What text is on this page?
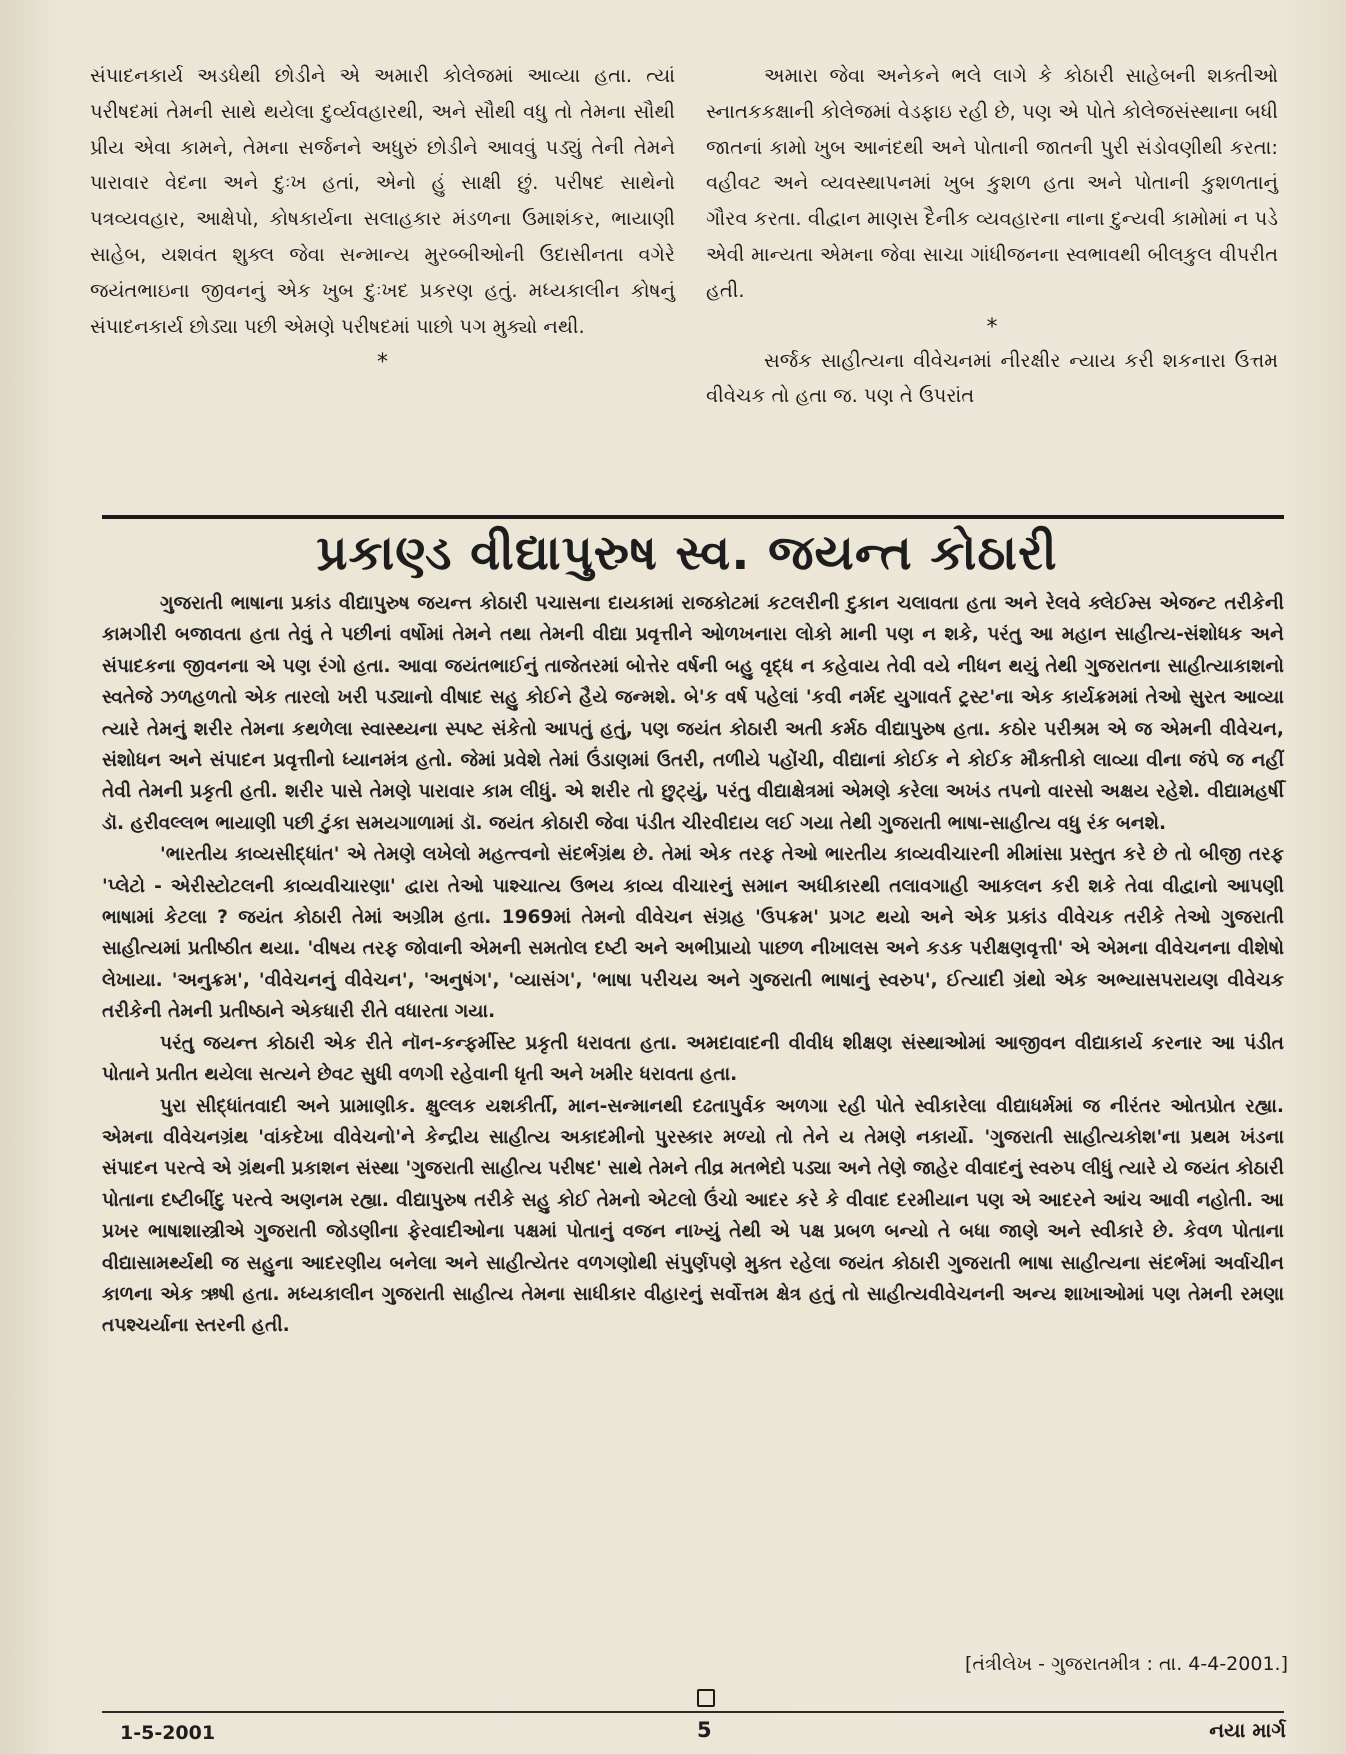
સંપાદનકાર્ય અડધેથી છોડીને એ અમારી કોલેજમાં આવ્યા હતા. ત્યાં પરીષદમાં તેમની સાથે થયેલા દુર્વ્યવહારથી, અને સૌથી વધુ તો તેમના સૌથી પ્રીય એવા કામને, તેમના સર્જનને અધુરું છોડીને આવવું પડ્યું તેની તેમને પારાવાર વેદના અને દુઃખ હતાં, એનો હું સાક્ષી છું. પરીષદ સાથેનો પત્રવ્યવહાર, આક્ષેપો, કોષકાર્યના સલાહકાર મંડળના ઉમાશંકર, ભાયાણી સાહેબ, યશવંત શુક્લ જેવા સન્માન્ય મુરબ્બીઓની ઉદાસીનતા વગેરે જયંતભાઇના જીવનનું એક ખુબ દુઃખદ પ્રકરણ હતું. મધ્યકાલીન કોષનું સંપાદનકાર્ય છોડ્યા પછી એમણે પરીષદમાં પાછો પગ મુક્યો નથી.

*

અમારા જેવા અનેકને ભલે લાગે કે કોઠારી સાહેબની શક્તીઓ સ્નાતકકક્ષાની કોલેજમાં વેડફાઇ રહી છે, પણ એ પોતે કોલેજસંસ્થાના બધી જાતનાં કામો ખુબ આનંદથી અને પોતાની જાતની પુરી સંડોવણીથી કરતા: વહીવટ અને વ્યવસ્થાપનમાં ખુબ કુશળ હતા અને પોતાની કુશળતાનું ગૌરવ કરતા. વીદ્વાન માણસ દૈનીક વ્યવહારના નાના દુન્યવી કામોમાં ન પડે એવી માન્યતા એમના જેવા સાચા ગાંધીજનના સ્વભાવથી બીલકુલ વીપરીત હતી.

*

સર્જક સાહીત્યના વીવેચનમાં નીરક્ષીર ન્યાય કરી શકનારા ઉત્તમ વીવેચક તો હતા જ. પણ તે ઉપરાંત

પ્રકાણ્ડ વીદ્યાપુરુષ સ્વ. જયન્ત કોઠારી

ગુજરાતી ભાષાના પ્રકાંડ વીદ્યાપુરુષ જયન્ત કોઠારી પચાસના દાયકામાં રાજકોટમાં કટલરીની દુકાન ચલાવતા હતા અને રેલવે ક્લેઈમ્સ એજન્ટ તરીકેની કામગીરી બજાવતા હતા તેવું તે પછીનાં વર્ષોમાં તેમને તથા તેમની વીદ્યા પ્રવૃત્તીને ઓળખનારા લોકો માની પણ ન શકે, પરંતુ આ મહાન સાહીત્ય-સંશોધક અને સંપાદકના જીવનના એ પણ રંગો હતા. આવા જયંતભાઈનું તાજેતરમાં બોત્તેર વર્ષની બહુ વૃદ્ધ ન કહેવાય તેવી વયે નીધન થયું તેથી ગુજરાતના સાહીત્યાકાશનો સ્વતેજે ઝળહળતો એક તારલો ખરી પડ્યાનો વીષાદ સહુ કોઈને હૈયે જન્મશે. બે'ક વર્ષ પહેલાં 'કવી નર્મદ યુગાવર્ત ટ્રસ્ટ'ના એક કાર્યક્રમમાં તેઓ સુરત આવ્યા ત્યારે તેમનું શરીર તેમના કથળેલા સ્વાસ્થ્યના સ્પષ્ટ સંકેતો આપતું હતું, પણ જયંત કોઠારી અતી કર્મઠ વીદ્યાપુરુષ હતા. કઠોર પરીશ્રમ એ જ એમની વીવેચન, સંશોધન અને સંપાદન પ્રવૃત્તીનો ધ્યાનમંત્ર હતો. જેમાં પ્રવેશે તેમાં ઉંડાણમાં ઉતરી, તળીયે પહોંચી, વીદ્યાનાં કોઈક ને કોઈક મૌક્તીકો લાવ્યા વીના જંપે જ નહીં તેવી તેમની પ્રકૃતી હતી. શરીર પાસે તેમણે પારાવાર કામ લીધું. એ શરીર તો છુટ્યું, પરંતુ વીદ્યાક્ષેત્રમાં એમણે કરેલા અખંડ તપનો વારસો અક્ષય રહેશે. વીદ્યામહર્ષી ડૉ. હરીવલ્લભ ભાયાણી પછી ટુંકા સમયગાળામાં ડૉ. જયંત કોઠારી જેવા પંડીત ચીરવીદાય લઈ ગયા તેથી ગુજરાતી ભાષા-સાહીત્ય વધુ રંક બનશે.

'ભારતીય કાવ્યસીદ્ધાંત' એ તેમણે લખેલો મહત્ત્વનો સંદર્ભગ્રંથ છે. તેમાં એક તરફ તેઓ ભારતીય કાવ્યવીચારની મીમાંસા પ્રસ્તુત કરે છે તો બીજી તરફ 'પ્લેટો - એરીસ્ટોટલની કાવ્યવીચારણા' દ્વારા તેઓ પાશ્ચાત્ય ઉભય કાવ્ય વીચારનું સમાન અધીકારથી તલાવગાહી આકલન કરી શકે તેવા વીદ્વાનો આપણી ભાષામાં કેટલા ? જયંત કોઠારી તેમાં અગ્રીમ હતા. 1969માં તેમનો વીવેચન સંગ્રહ 'ઉપક્રમ' પ્રગટ થયો અને એક પ્રકાંડ વીવેચક તરીકે તેઓ ગુજરાતી સાહીત્યમાં પ્રતીષ્ઠીત થયા. 'વીષય તરફ જોવાની એમની સમતોલ દષ્ટી અને અભીપ્રાયો પાછળ નીખાલસ અને કડક પરીક્ષણવૃત્તી' એ એમના વીવેચનના વીશેષો લેખાયા. 'અનુક્રમ', 'વીવેચનનું વીવેચન', 'અનુષંગ', 'વ્યાસંગ', 'ભાષા પરીચય અને ગુજરાતી ભાષાનું સ્વરુપ', ઈત્યાદી ગ્રંથો એક અભ્યાસપરાયણ વીવેચક તરીકેની તેમની પ્રતીષ્ઠાને એકધારી રીતે વધારતા ગયા.

પરંતુ જયન્ત કોઠારી એક રીતે નૉન-કન્ફર્મીસ્ટ પ્રકૃતી ધરાવતા હતા. અમદાવાદની વીવીધ શીક્ષણ સંસ્થાઓમાં આજીવન વીદ્યાકાર્ય કરનાર આ પંડીત પોતાને પ્રતીત થયેલા સત્યને છેવટ સુધી વળગી રહેવાની ધૃતી અને ખમીર ધરાવતા હતા.

પુરા સીદ્ધાંતવાદી અને પ્રામાણીક. ક્ષુલ્લક યશકીર્તી, માન-સન્માનથી દઢતાપુર્વક અળગા રહી પોતે સ્વીકારેલા વીદ્યાધર્મમાં જ નીરંતર ઓતપ્રોત રહ્યા. એમના વીવેચનગ્રંથ 'વાંકદેખા વીવેચનો'ને કેન્દ્રીય સાહીત્ય અકાદમીનો પુરસ્કાર મળ્યો તો તેને ય તેમણે નકાર્યો. 'ગુજરાતી સાહીત્યકોશ'ના પ્રથમ ખંડના સંપાદન પરત્વે એ ગ્રંથની પ્રકાશન સંસ્થા 'ગુજરાતી સાહીત્ય પરીષદ' સાથે તેમને તીવ્ર મતભેદો પડ્યા અને તેણે જાહેર વીવાદનું સ્વરુપ લીધું ત્યારે યે જયંત કોઠારી પોતાના દષ્ટીબીંદુ પરત્વે અણનમ રહ્યા. વીદ્યાપુરુષ તરીકે સહુ કોઈ તેમનો એટલો ઉંચો આદર કરે કે વીવાદ દરમીયાન પણ એ આદરને આંચ આવી નહોતી. આ પ્રખર ભાષાશાસ્ત્રીએ ગુજરાતી જોડણીના ફેરવાદીઓના પક્ષમાં પોતાનું વજન નાખ્યું તેથી એ પક્ષ પ્રબળ બન્યો તે બધા જાણે અને સ્વીકારે છે. કેવળ પોતાના વીદ્યાસામર્થ્યથી જ સહુના આદરણીય બનેલા અને સાહીત્યેતર વળગણોથી સંપુર્ણપણે મુક્ત રહેલા જયંત કોઠારી ગુજરાતી ભાષા સાહીત્યના સંદર્ભમાં અર્વાચીન કાળના એક ઋષી હતા. મધ્યકાલીન ગુજરાતી સાહીત્ય તેમના સાધીકાર વીહારનું સર્વોત્તમ ક્ષેત્ર હતું તો સાહીત્યવીવેચનની અન્ય શાખાઓમાં પણ તેમની રમણા તપશ્ચર્યાના સ્તરની હતી.

[તંત્રીલેખ - ગુજરાતમીત્ર : તા. 4-4-2001.]
1-5-2001	5	નયા માર્ગ
